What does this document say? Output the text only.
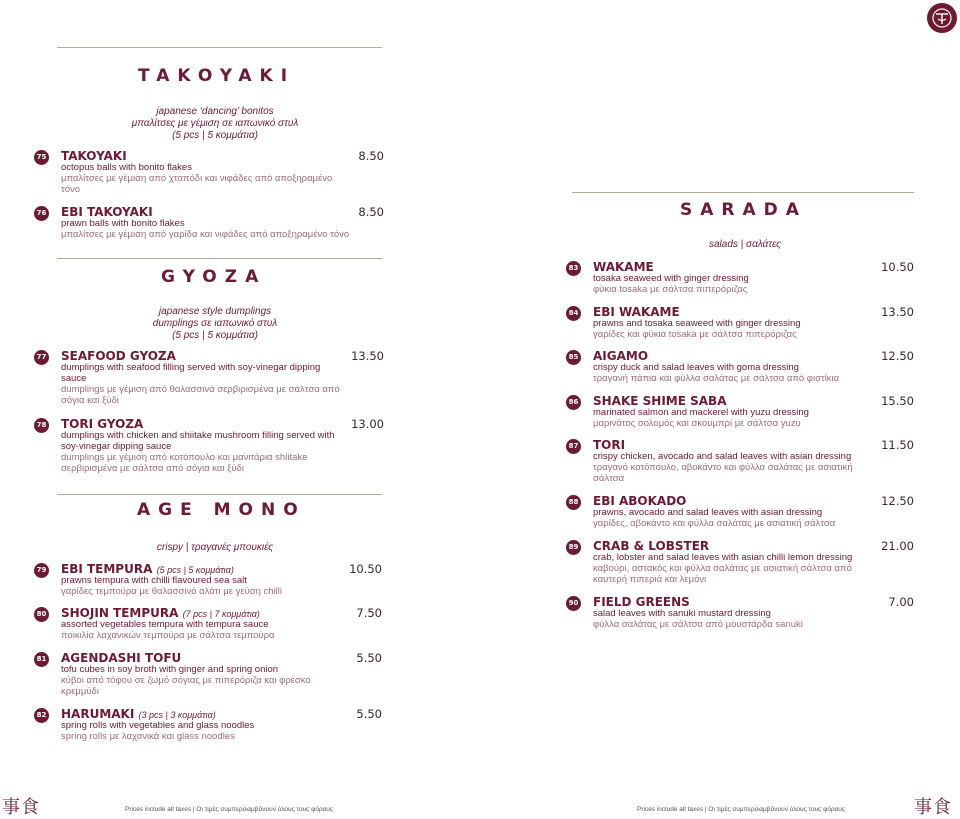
TAKOYAKI
japanese ‘dancing’ bonitos
μπαλίτσες με γέμιση σε ιαπωνικό στυλ
(5 pcs | 5 κομμάτια)
75 TAKOYAKI	8.50
octopus balls with bonito flakes
μπαλίτσες με γέμιση από χταπόδι και νιφάδες από αποξηραμένο τόνο
76 EBI TAKOYAKI	8.50
prawn balls with bonito flakes
μπαλίτσες με γέμιση από γαρίδα και νιφάδες από αποξηραμένο τόνο
GYOZA
japanese style dumplings
dumplings σε ιαπωνικό στυλ
(5 pcs | 5 κομμάτια)
77 SEAFOOD GYOZA	13.50
dumplings with seafood filling served with soy-vinegar dipping sauce
dumplings με γέμιση από θαλασσινά σερβιρισμένα με σάλτσα από σόγια και ξύδι
78 TORI GYOZA	13.00
dumplings with chicken and shiitake mushroom filling served with soy-vinegar dipping sauce
dumplings με γέμιση από κοτόπουλο και μανιτάρια shiitake σερβιρισμένα με σάλτσα από σόγια και ξύδι
AGE MONO
crispy | τραγανές μπουκιές
79 EBI TEMPURA (5 pcs | 5 κομμάτια)	10.50
prawns tempura with chilli flavoured sea salt
γαρίδες τεμπούρα με θαλασσινό αλάτι με γεύση chilli
80 SHOJIN TEMPURA (7 pcs | 7 κομμάτια)	7.50
assorted vegetables tempura with tempura sauce
ποικιλία λαχανικών τεμπούρα με σάλτσα τεμπούρα
81 AGENDASHI TOFU	5.50
tofu cubes in soy broth with ginger and spring onion
κύβοι από τόφου σε ζωμό σόγιας με πιπερόριζα και φρέσκο κρεμμύδι
82 HARUMAKI (3 pcs | 3 κομμάτια)	5.50
spring rolls with vegetables and glass noodles
spring rolls με λαχανικά και glass noodles
SARADA
salads | σαλάτες
83 WAKAME	10.50
tosaka seaweed with ginger dressing
φύκια tosaka με σάλτσα πιπερόριζας
84 EBI WAKAME	13.50
prawns and tosaka seaweed with ginger dressing
γαρίδες και φύκια tosaka με σάλτσα πιπερόριζας
85 AIGAMO	12.50
crispy duck and salad leaves with goma dressing
τραγανή πάπια και φύλλα σαλάτας με σάλτσα από φιστίκια
86 SHAKE SHIME SABA	15.50
marinated salmon and mackerel with yuzu dressing
μαρινάτος σολομός και σκουμπρί με σάλτσα yuzu
87 TORI	11.50
crispy chicken, avocado and salad leaves with asian dressing
τραγανό κοτόπουλο, αβοκάντο και φύλλα σαλάτας με ασιατική σάλτσα
88 EBI ABOKADO	12.50
prawns, avocado and salad leaves with asian dressing
γαρίδες, αβοκάντο και φύλλα σαλάτας με ασιατική σάλτσα
89 CRAB & LOBSTER	21.00
crab, lobster and salad leaves with asian chilli lemon dressing
καβούρι, αστακός και φύλλα σαλάτας με ασιατική σάλτσα από καυτερή πιπεριά και λεμόνι
90 FIELD GREENS	7.00
salad leaves with sanuki mustard dressing
φύλλα σαλάτας με σάλτσα από μουστάρδα sanuki
事食	Prices include all taxes | Οι τιμές συμπεριλαμβάνουν όλους τους φόρους	Prices include all taxes | Οι τιμές συμπεριλαμβάνουν όλους τους φόρους	事食
